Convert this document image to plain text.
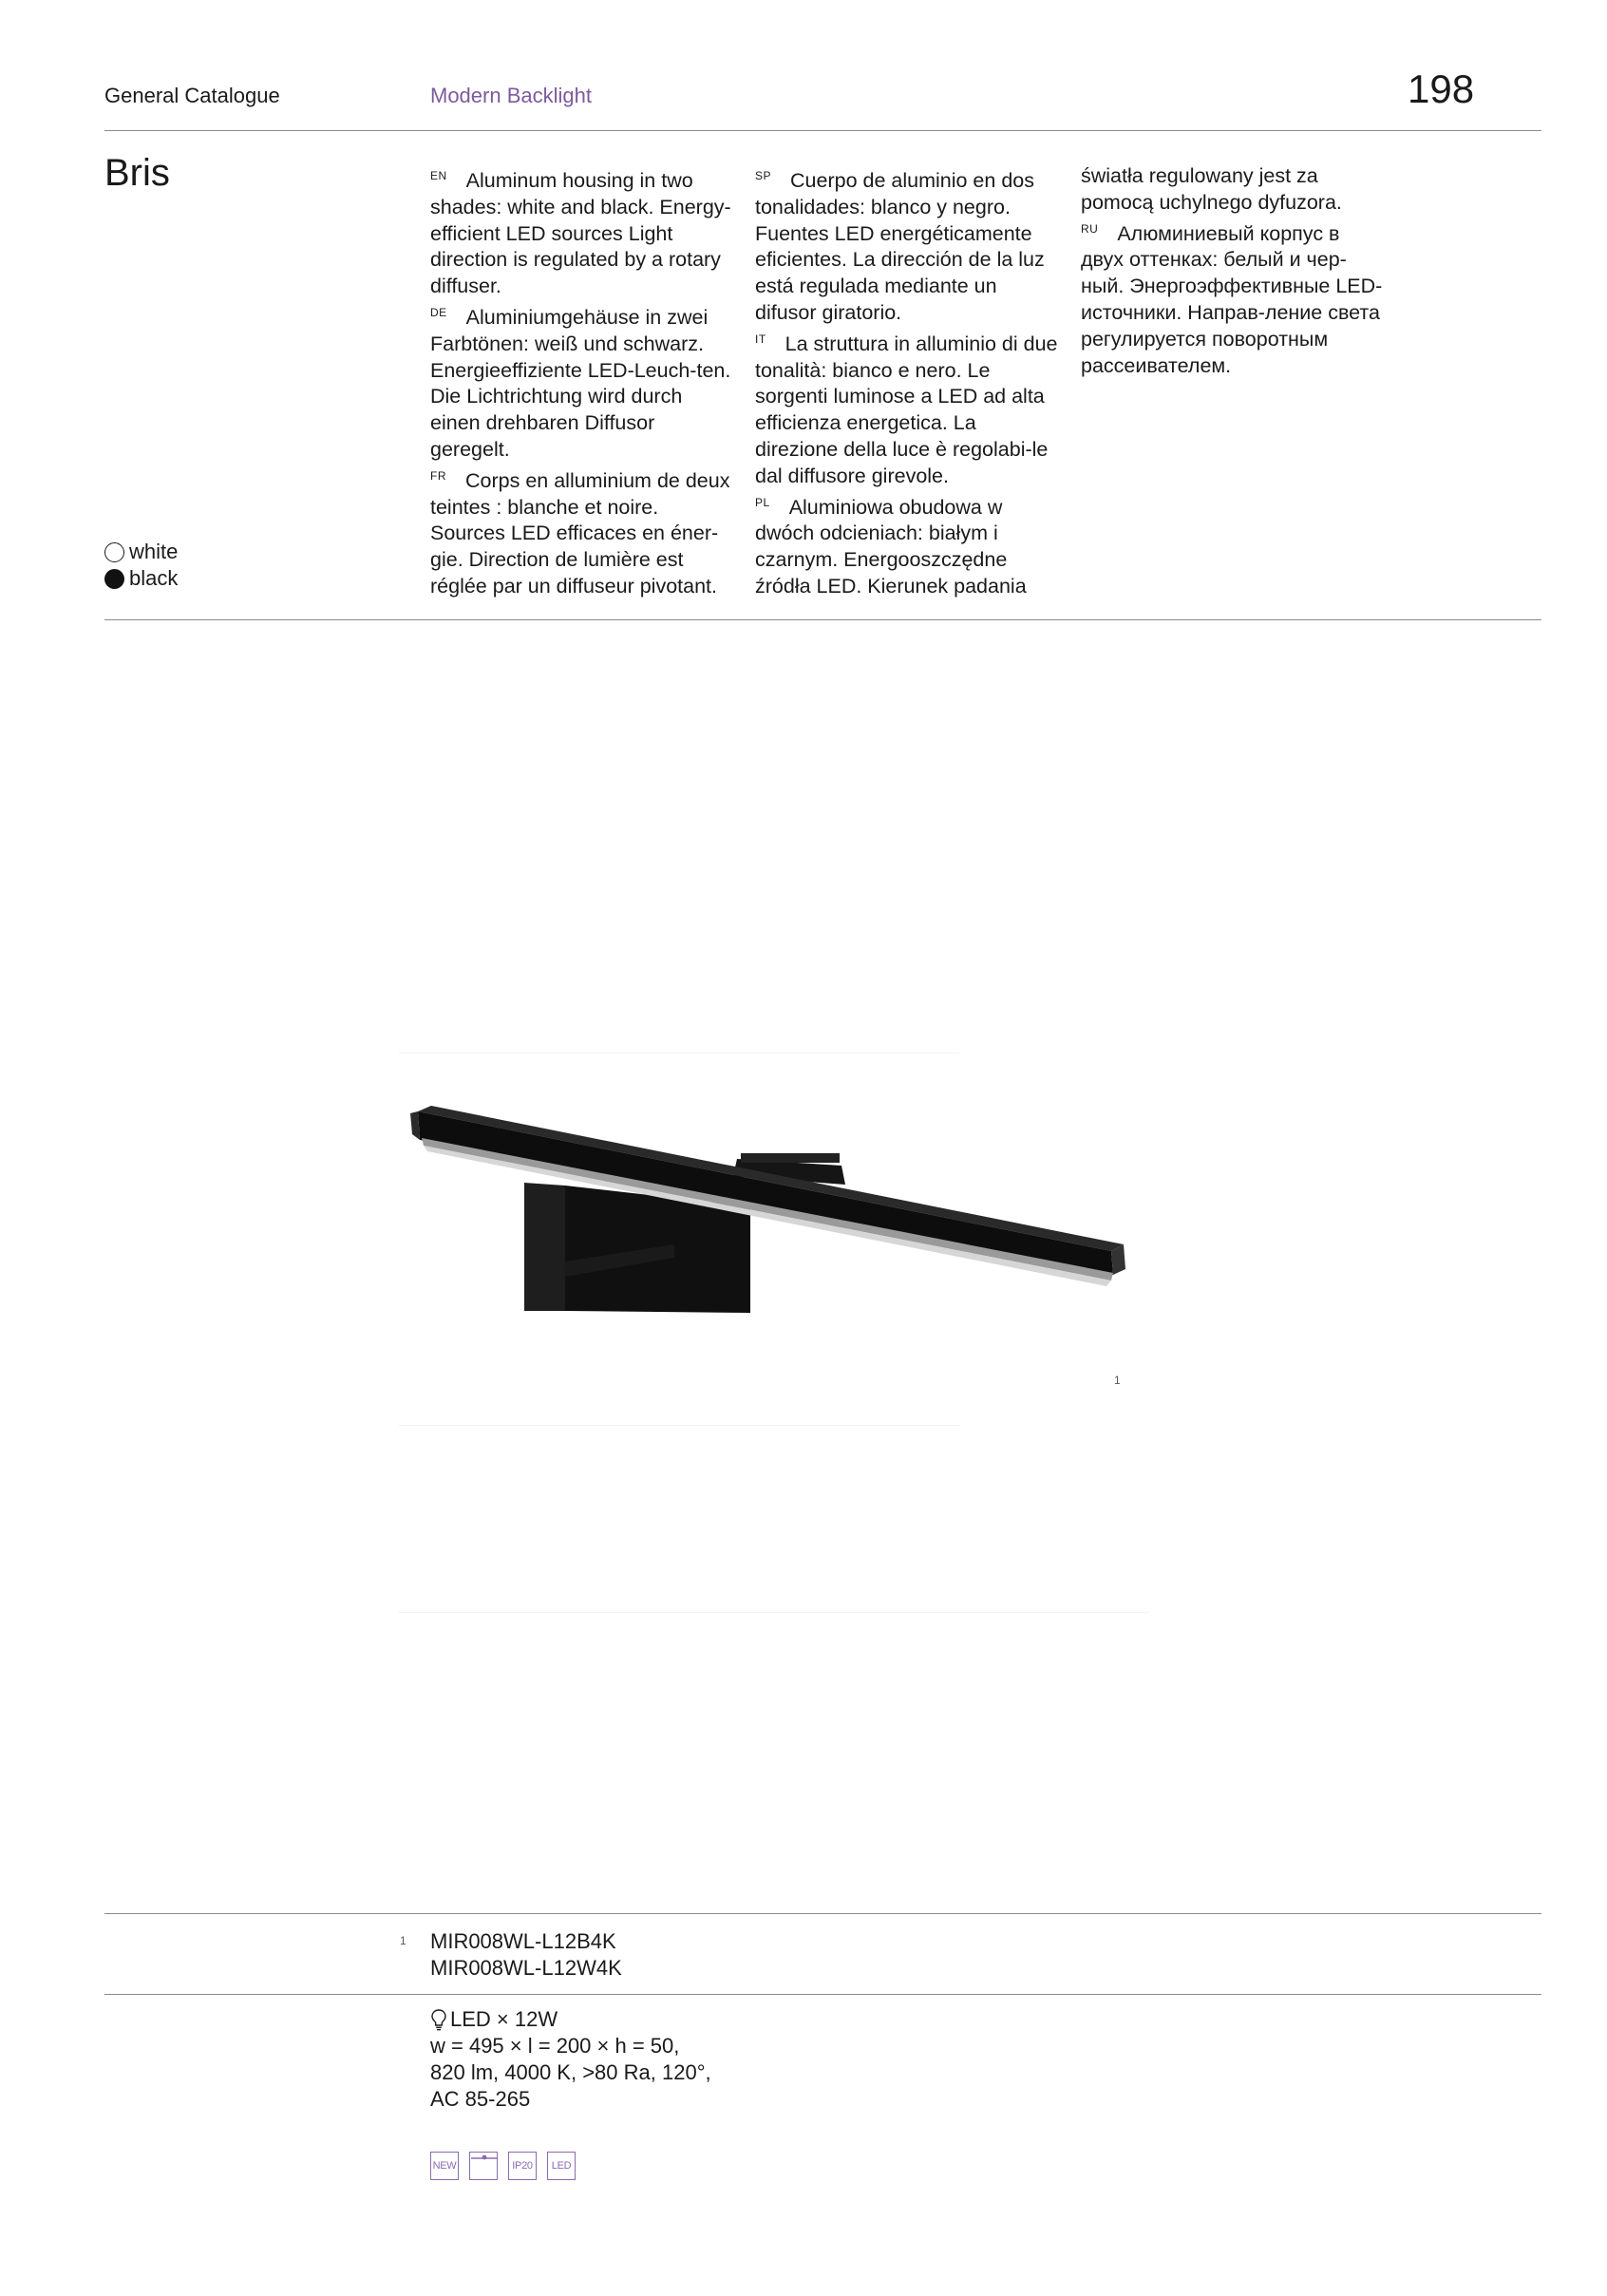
General Catalogue	Modern Backlight	198
Bris
white
black

$^{EN}$ Aluminum housing in two shades: white and black. Energy-efficient LED sources Light direction is regulated by a rotary diffuser.

$^{DE}$ Aluminiumgehäuse in zwei Farbtönen: weiß und schwarz. Energieeffiziente LED-Leuch-ten. Die Lichtrichtung wird durch einen drehbaren Diffusor geregelt.

$^{FR}$ Corps en alluminium de deux teintes : blanche et noire. Sources LED efficaces en éner-gie. Direction de lumière est réglée par un diffuseur pivotant.

$^{SP}$ Cuerpo de aluminio en dos tonalidades: blanco y negro. Fuentes LED energéticamente eficientes. La dirección de la luz está regulada mediante un difusor giratorio.

$^{IT}$ La struttura in alluminio di due tonalità: bianco e nero. Le sorgenti luminose a LED ad alta efficienza energetica. La direzione della luce è regolabi-le dal diffusore girevole.

$^{PL}$ Aluminiowa obudowa w dwóch odcieniach: białym i czarnym. Energooszczędne źródła LED. Kierunek padania

światła regulowany jest za pomocą uchylnego dyfuzora.

$^{RU}$ Алюминиевый корпус в двух оттенках: белый и чер-ный. Энергоэффективные LED-источники. Направ-ление света регулируется поворотным рассеивателем.

1
1 MIR008WL-L12B4K
MIR008WL-L12W4K
LED × 12W
w = 495 × l = 200 × h = 50,
820 lm, 4000 K, >80 Ra, 120°,
AC 85-265
NEW	IP20 LED
